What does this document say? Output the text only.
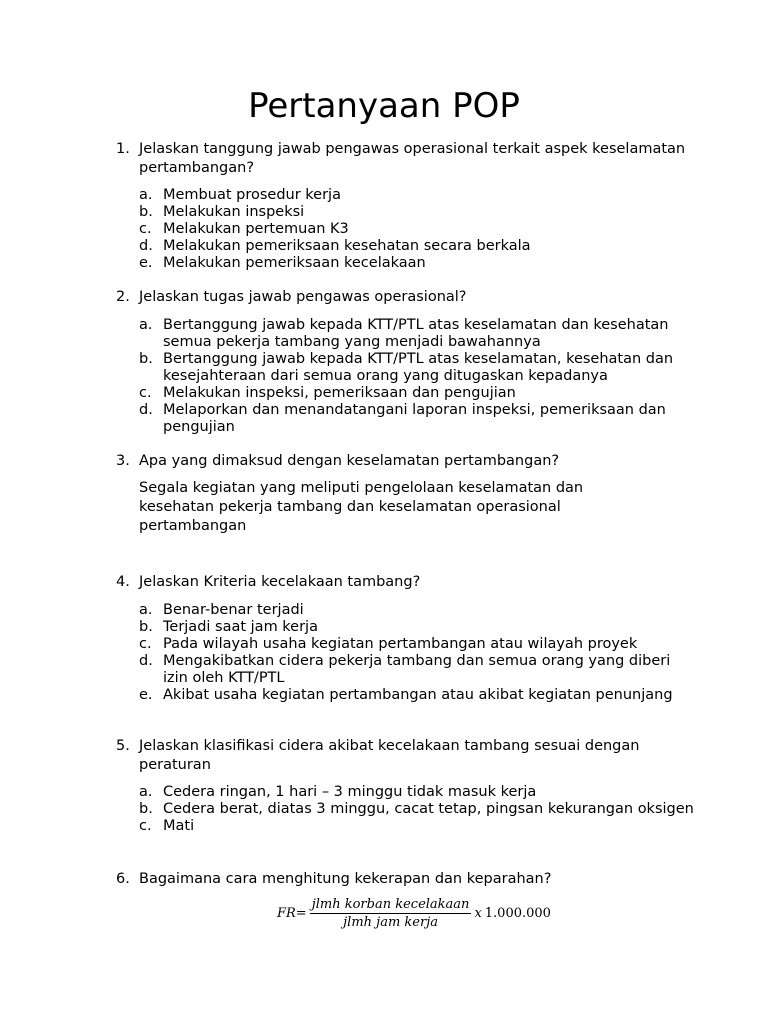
Pertanyaan POP
1. Jelaskan tanggung jawab pengawas operasional terkait aspek keselamatan pertambangan?
a. Membuat prosedur kerja
b. Melakukan inspeksi
c. Melakukan pertemuan K3
d. Melakukan pemeriksaan kesehatan secara berkala
e. Melakukan pemeriksaan kecelakaan
2. Jelaskan tugas jawab pengawas operasional?
a. Bertanggung jawab kepada KTT/PTL atas keselamatan dan kesehatan semua pekerja tambang yang menjadi bawahannya
b. Bertanggung jawab kepada KTT/PTL atas keselamatan, kesehatan dan kesejahteraan dari semua orang yang ditugaskan kepadanya
c. Melakukan inspeksi, pemeriksaan dan pengujian
d. Melaporkan dan menandatangani laporan inspeksi, pemeriksaan dan pengujian
3. Apa yang dimaksud dengan keselamatan pertambangan?
Segala kegiatan yang meliputi pengelolaan keselamatan dan kesehatan pekerja tambang dan keselamatan operasional pertambangan
4. Jelaskan Kriteria kecelakaan tambang?
a. Benar-benar terjadi
b. Terjadi saat jam kerja
c. Pada wilayah usaha kegiatan pertambangan atau wilayah proyek
d. Mengakibatkan cidera pekerja tambang dan semua orang yang diberi izin oleh KTT/PTL
e. Akibat usaha kegiatan pertambangan atau akibat kegiatan penunjang
5. Jelaskan klasifikasi cidera akibat kecelakaan tambang sesuai dengan peraturan
a. Cedera ringan, 1 hari – 3 minggu tidak masuk kerja
b. Cedera berat, diatas 3 minggu, cacat tetap, pingsan kekurangan oksigen
c. Mati
6. Bagaimana cara menghitung kekerapan dan keparahan?
$FR= \frac{\text{jlmh korban kecelakaan}}{\text{jlmh jam kerja}}$ x 1.000.000
